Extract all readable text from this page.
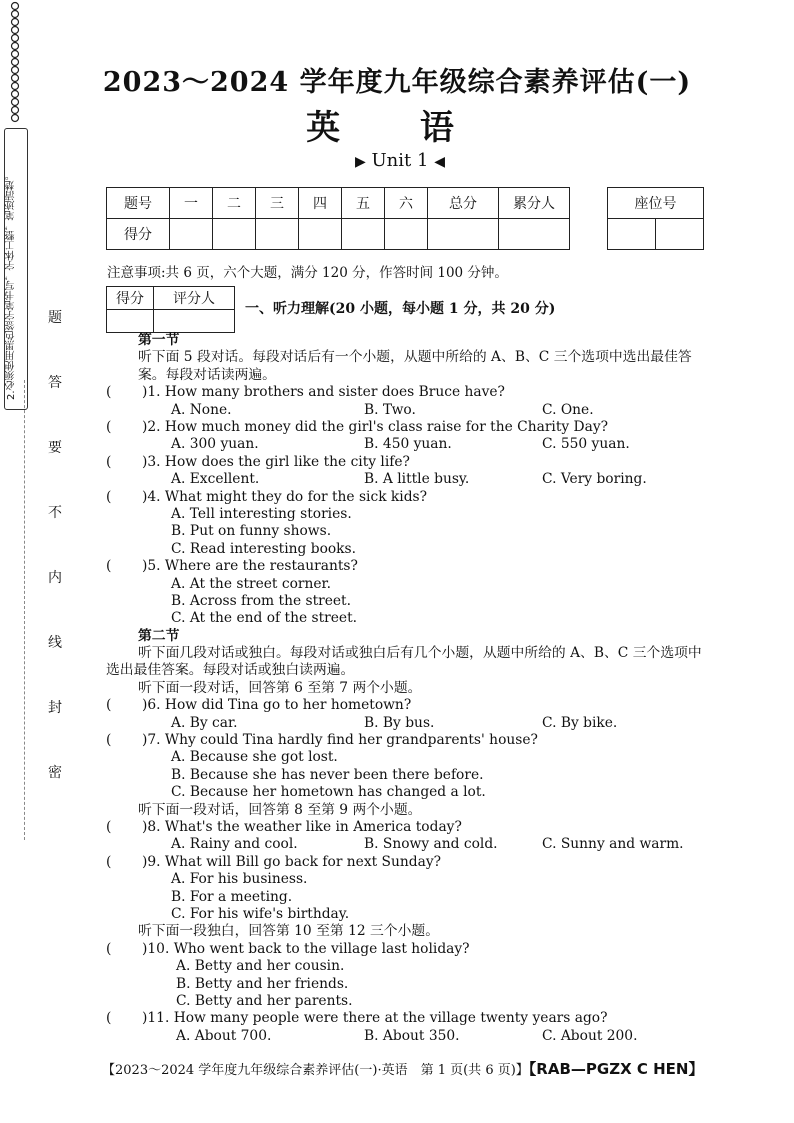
2.必须使用黑色签字笔书写，字体工整，笔迹清楚。	题
答
要
不
内
线
封
密
2023～2024 学年度九年级综合素养评估(一)
英 语
▶ Unit 1 ◀
题号	一	二	三	四	五	六	总分	累分人
得分								
座位号

注意事项:共 6 页，六个大题，满分 120 分，作答时间 100 分钟。
得分	评分人

一、听力理解(20 小题，每小题 1 分，共 20 分)
第一节
听下面 5 段对话。每段对话后有一个小题，从题中所给的 A、B、C 三个选项中选出最佳答案。每段对话读两遍。
( )1. How many brothers and sister does Bruce have?
A. None.	B. Two.	C. One.
( )2. How much money did the girl's class raise for the Charity Day?
A. 300 yuan.	B. 450 yuan.	C. 550 yuan.
( )3. How does the girl like the city life?
A. Excellent.	B. A little busy.	C. Very boring.
( )4. What might they do for the sick kids?
A. Tell interesting stories.
B. Put on funny shows.
C. Read interesting books.
( )5. Where are the restaurants?
A. At the street corner.
B. Across from the street.
C. At the end of the street.
第二节
听下面几段对话或独白。每段对话或独白后有几个小题，从题中所给的 A、B、C 三个选项中选出最佳答案。每段对话或独白读两遍。
听下面一段对话，回答第 6 至第 7 两个小题。
( )6. How did Tina go to her hometown?
A. By car.	B. By bus.	C. By bike.
( )7. Why could Tina hardly find her grandparents' house?
A. Because she got lost.
B. Because she has never been there before.
C. Because her hometown has changed a lot.
听下面一段对话，回答第 8 至第 9 两个小题。
( )8. What's the weather like in America today?
A. Rainy and cool.	B. Snowy and cold.	C. Sunny and warm.
( )9. What will Bill go back for next Sunday?
A. For his business.
B. For a meeting.
C. For his wife's birthday.
听下面一段独白，回答第 10 至第 12 三个小题。
( )10. Who went back to the village last holiday?
A. Betty and her cousin.
B. Betty and her friends.
C. Betty and her parents.
( )11. How many people were there at the village twenty years ago?
A. About 700.	B. About 350.	C. About 200.
【2023～2024 学年度九年级综合素养评估(一)·英语　第 1 页(共 6 页)】【RAB—PGZX C HEN】
